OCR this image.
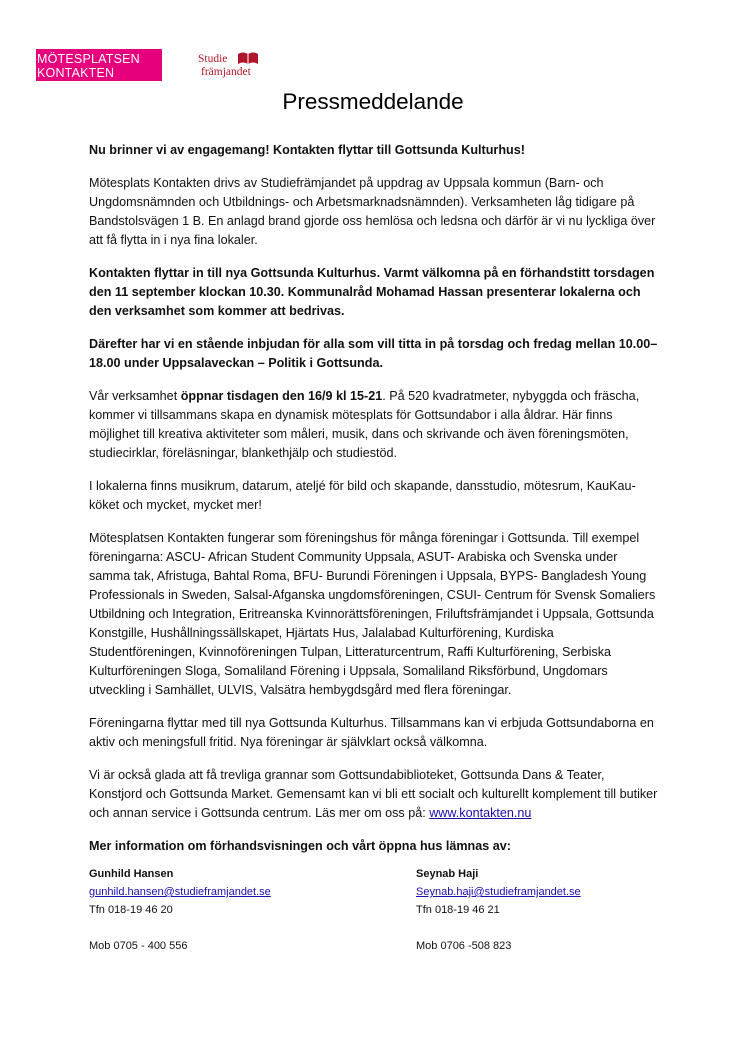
MÖTESPLATSEN
KONTAKTEN
Studie
främjandet
Pressmeddelande

Nu brinner vi av engagemang! Kontakten flyttar till Gottsunda Kulturhus!

Mötesplats Kontakten drivs av Studiefrämjandet på uppdrag av Uppsala kommun (Barn- och Ungdomsnämnden och Utbildnings- och Arbetsmarknadsnämnden). Verksamheten låg tidigare på Bandstolsvägen 1 B. En anlagd brand gjorde oss hemlösa och ledsna och därför är vi nu lyckliga över att få flytta in i nya fina lokaler.

Kontakten flyttar in till nya Gottsunda Kulturhus. Varmt välkomna på en förhandstitt torsdagen den 11 september klockan 10.30. Kommunalråd Mohamad Hassan presenterar lokalerna och den verksamhet som kommer att bedrivas.

Därefter har vi en stående inbjudan för alla som vill titta in på torsdag och fredag mellan 10.00–18.00 under Uppsalaveckan – Politik i Gottsunda.

Vår verksamhet öppnar tisdagen den 16/9 kl 15-21. På 520 kvadratmeter, nybyggda och fräscha, kommer vi tillsammans skapa en dynamisk mötesplats för Gottsundabor i alla åldrar. Här finns möjlighet till kreativa aktiviteter som måleri, musik, dans och skrivande och även föreningsmöten, studiecirklar, föreläsningar, blankethjälp och studiestöd.

I lokalerna finns musikrum, datarum, ateljé för bild och skapande, dansstudio, mötesrum, KauKau-köket och mycket, mycket mer!

Mötesplatsen Kontakten fungerar som föreningshus för många föreningar i Gottsunda. Till exempel föreningarna: ASCU- African Student Community Uppsala, ASUT- Arabiska och Svenska under samma tak, Afristuga, Bahtal Roma, BFU- Burundi Föreningen i Uppsala, BYPS- Bangladesh Young Professionals in Sweden, Salsal-Afganska ungdomsföreningen, CSUI- Centrum för Svensk Somaliers Utbildning och Integration, Eritreanska Kvinnorättsföreningen, Friluftsfrämjandet i Uppsala, Gottsunda Konstgille, Hushållningssällskapet, Hjärtats Hus, Jalalabad Kulturförening, Kurdiska Studentföreningen, Kvinnoföreningen Tulpan, Litteraturcentrum, Raffi Kulturförening, Serbiska Kulturföreningen Sloga, Somaliland Förening i Uppsala, Somaliland Riksförbund, Ungdomars utveckling i Samhället, ULVIS, Valsätra hembygdsgård med flera föreningar.

Föreningarna flyttar med till nya Gottsunda Kulturhus. Tillsammans kan vi erbjuda Gottsundaborna en aktiv och meningsfull fritid. Nya föreningar är självklart också välkomna.

Vi är också glada att få trevliga grannar som Gottsundabiblioteket, Gottsunda Dans & Teater, Konstjord och Gottsunda Market. Gemensamt kan vi bli ett socialt och kulturellt komplement till butiker och annan service i Gottsunda centrum. Läs mer om oss på: www.kontakten.nu

Mer information om förhandsvisningen och vårt öppna hus lämnas av:

Gunhild Hansen
gunhild.hansen@studieframjandet.se
Tfn 018-19 46 20
Mob 0705 - 400 556
Seynab Haji
Seynab.haji@studieframjandet.se
Tfn 018-19 46 21
Mob 0706 -508 823
